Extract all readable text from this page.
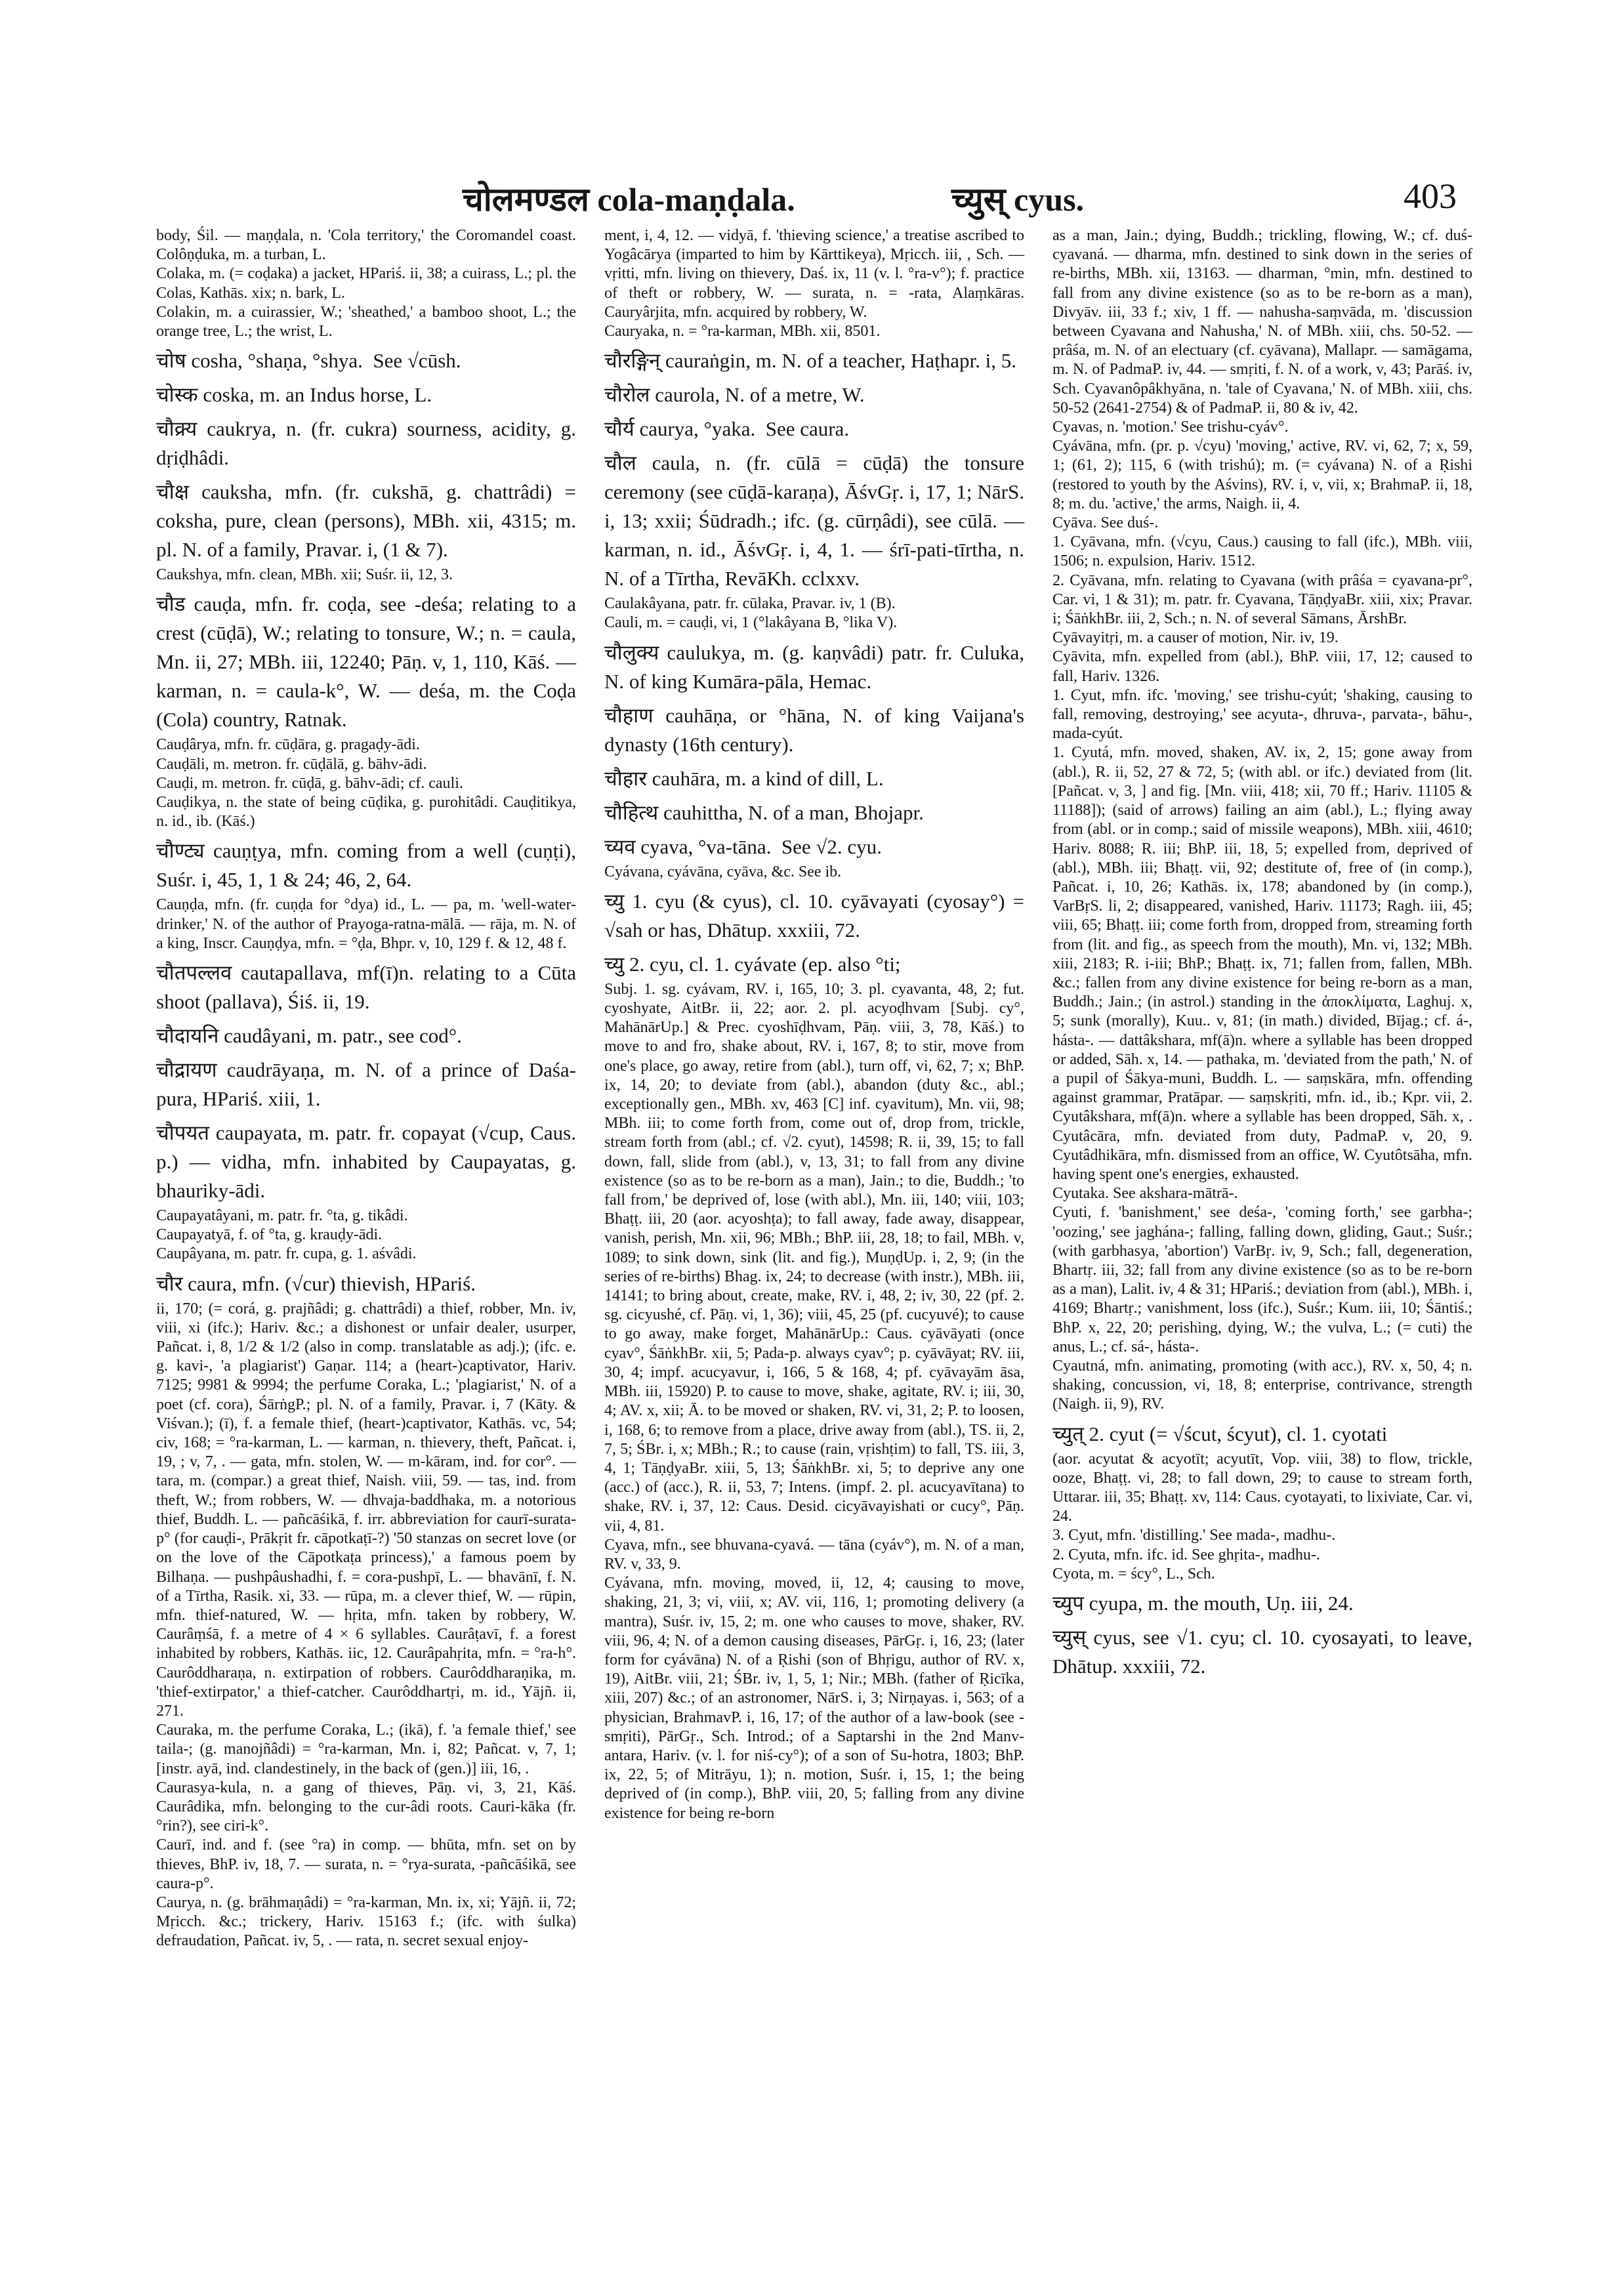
चोलमण्डल cola-maṇḍala.	च्युस् cyus.	403

body, Śil. — maṇḍala, n. 'Cola territory,' the Coromandel coast. Colôṇḍuka, m. a turban, L.

Colaka, m. (= coḍaka) a jacket, HPariś. ii, 38; a cuirass, L.; pl. the Colas, Kathās. xix; n. bark, L.

Colakin, m. a cuirassier, W.; 'sheathed,' a bamboo shoot, L.; the orange tree, L.; the wrist, L.

चोष cosha, °shaṇa, °shya.  See √cūsh.

चोस्क coska, m. an Indus horse, L.

चौक्र्य caukrya, n. (fr. cukra) sourness, acidity, g. dṛiḍhâdi.

चौक्ष cauksha, mfn. (fr. cukshā, g. chattrâdi) = coksha, pure, clean (persons), MBh. xii, 4315; m. pl. N. of a family, Pravar. i, (1 & 7).

Caukshya, mfn. clean, MBh. xii; Suśr. ii, 12, 3.

चौड cauḍa, mfn. fr. coḍa, see -deśa; relating to a crest (cūḍā), W.; relating to tonsure, W.; n. = caula, Mn. ii, 27; MBh. iii, 12240; Pāṇ. v, 1, 110, Kāś. — karman, n. = caula-k°, W. — deśa, m. the Coḍa (Cola) country, Ratnak.

Cauḍârya, mfn. fr. cūḍāra, g. pragaḍy-ādi.

Cauḍāli, m. metron. fr. cūḍālā, g. bāhv-ādi.

Cauḍi, m. metron. fr. cūḍā, g. bāhv-ādi; cf. cauli.

Cauḍikya, n. the state of being cūḍika, g. purohitâdi. Cauḍitikya, n. id., ib. (Kāś.)

चौण्ट्य cauṇṭya, mfn. coming from a well (cuṇṭi), Suśr. i, 45, 1, 1 & 24; 46, 2, 64.

Cauṇḍa, mfn. (fr. cuṇḍa for °dya) id., L. — pa, m. 'well-water-drinker,' N. of the author of Prayoga-ratna-mālā. — rāja, m. N. of a king, Inscr. Cauṇḍya, mfn. = °ḍa, Bhpr. v, 10, 129 f. & 12, 48 f.

चौतपल्लव cautapallava, mf(ī)n. relating to a Cūta shoot (pallava), Śiś. ii, 19.

चौदायनि caudâyani, m. patr., see cod°.

चौद्रायण caudrāyaṇa, m. N. of a prince of Daśa-pura, HPariś. xiii, 1.

चौपयत caupayata, m. patr. fr. copayat (√cup, Caus. p.) — vidha, mfn. inhabited by Caupayatas, g. bhauriky-ādi.

Caupayatâyani, m. patr. fr. °ta, g. tikâdi.

Caupayatyā, f. of °ta, g. krauḍy-ādi.

Caupâyana, m. patr. fr. cupa, g. 1. aśvâdi.

चौर caura, mfn. (√cur) thievish, HPariś.

ii, 170; (= corá, g. prajñâdi; g. chattrâdi) a thief, robber, Mn. iv, viii, xi (ifc.); Hariv. &c.; a dishonest or unfair dealer, usurper, Pañcat. i, 8, 1/2 & 1/2 (also in comp. translatable as adj.); (ifc. e. g. kavi-, 'a plagiarist') Gaṇar. 114; a (heart-)captivator, Hariv. 7125; 9981 & 9994; the perfume Coraka, L.; 'plagiarist,' N. of a poet (cf. cora), ŚārṅgP.; pl. N. of a family, Pravar. i, 7 (Kāty. & Viśvan.); (ī), f. a female thief, (heart-)captivator, Kathās. vc, 54; civ, 168; = °ra-karman, L. — karman, n. thievery, theft, Pañcat. i, 19, ; v, 7, . — gata, mfn. stolen, W. — m-kāram, ind. for cor°. — tara, m. (compar.) a great thief, Naish. viii, 59. — tas, ind. from theft, W.; from robbers, W. — dhvaja-baddhaka, m. a notorious thief, Buddh. L. — pañcāśikā, f. irr. abbreviation for caurī-surata-p° (for cauḍi-, Prākṛit fr. cāpotkaṭī-?) '50 stanzas on secret love (or on the love of the Cāpotkaṭa princess),' a famous poem by Bilhaṇa. — pushpâushadhi, f. = cora-pushpī, L. — bhavānī, f. N. of a Tīrtha, Rasik. xi, 33. — rūpa, m. a clever thief, W. — rūpin, mfn. thief-natured, W. — hṛita, mfn. taken by robbery, W. Caurâṃśā, f. a metre of 4 × 6 syllables. Caurâṭavī, f. a forest inhabited by robbers, Kathās. iic, 12. Caurâpahṛita, mfn. = °ra-h°. Caurôddharaṇa, n. extirpation of robbers. Caurôddharaṇika, m. 'thief-extirpator,' a thief-catcher. Caurôddhartṛi, m. id., Yājñ. ii, 271.

Cauraka, m. the perfume Coraka, L.; (ikā), f. 'a female thief,' see taila-; (g. manojñâdi) = °ra-karman, Mn. i, 82; Pañcat. v, 7, 1; [instr. ayā, ind. clandestinely, in the back of (gen.)] iii, 16, .

Caurasya-kula, n. a gang of thieves, Pāṇ. vi, 3, 21, Kāś. Caurâdika, mfn. belonging to the cur-âdi roots. Cauri-kāka (fr. °rin?), see ciri-k°.

Caurī, ind. and f. (see °ra) in comp. — bhūta, mfn. set on by thieves, BhP. iv, 18, 7. — surata, n. = °rya-surata, -pañcāśikā, see caura-p°.

Caurya, n. (g. brāhmaṇâdi) = °ra-karman, Mn. ix, xi; Yājñ. ii, 72; Mṛicch. &c.; trickery, Hariv. 15163 f.; (ifc. with śulka) defraudation, Pañcat. iv, 5, . — rata, n. secret sexual enjoy-

ment, i, 4, 12. — vidyā, f. 'thieving science,' a treatise ascribed to Yogâcārya (imparted to him by Kārttikeya), Mṛicch. iii, , Sch. — vṛitti, mfn. living on thievery, Daś. ix, 11 (v. l. °ra-v°); f. practice of theft or robbery, W. — surata, n. = -rata, Alaṃkāras. Cauryârjita, mfn. acquired by robbery, W.

Cauryaka, n. = °ra-karman, MBh. xii, 8501.

चौरङ्गिन् cauraṅgin, m. N. of a teacher, Haṭhapr. i, 5.

चौरोल caurola, N. of a metre, W.

चौर्य caurya, °yaka.  See caura.

चौल caula, n. (fr. cūlā = cūḍā) the tonsure ceremony (see cūḍā-karaṇa), ĀśvGṛ. i, 17, 1; NārS. i, 13; xxii; Śūdradh.; ifc. (g. cūrṇâdi), see cūlā. — karman, n. id., ĀśvGṛ. i, 4, 1. — śrī-pati-tīrtha, n. N. of a Tīrtha, RevāKh. cclxxv.

Caulakâyana, patr. fr. cūlaka, Pravar. iv, 1 (B).

Cauli, m. = cauḍi, vi, 1 (°lakâyana B, °lika V).

चौलुक्य caulukya, m. (g. kaṇvâdi) patr. fr. Culuka, N. of king Kumāra-pāla, Hemac.

चौहाण cauhāṇa, or °hāna, N. of king Vaijana's dynasty (16th century).

चौहार cauhāra, m. a kind of dill, L.

चौहित्थ cauhittha, N. of a man, Bhojapr.

च्यव cyava, °va-tāna.  See √2. cyu.

Cyávana, cyávāna, cyāva, &c. See ib.

च्यु 1. cyu (& cyus), cl. 10. cyāvayati (cyosay°) = √sah or has, Dhātup. xxxiii, 72.

च्यु 2. cyu, cl. 1. cyávate (ep. also °ti;

Subj. 1. sg. cyávam, RV. i, 165, 10; 3. pl. cyavanta, 48, 2; fut. cyoshyate, AitBr. ii, 22; aor. 2. pl. acyoḍhvam [Subj. cy°, MahānārUp.] & Prec. cyoshīḍhvam, Pāṇ. viii, 3, 78, Kāś.) to move to and fro, shake about, RV. i, 167, 8; to stir, move from one's place, go away, retire from (abl.), turn off, vi, 62, 7; x; BhP. ix, 14, 20; to deviate from (abl.), abandon (duty &c., abl.; exceptionally gen., MBh. xv, 463 [C] inf. cyavitum), Mn. vii, 98; MBh. iii; to come forth from, come out of, drop from, trickle, stream forth from (abl.; cf. √2. cyut), 14598; R. ii, 39, 15; to fall down, fall, slide from (abl.), v, 13, 31; to fall from any divine existence (so as to be re-born as a man), Jain.; to die, Buddh.; 'to fall from,' be deprived of, lose (with abl.), Mn. iii, 140; viii, 103; Bhaṭṭ. iii, 20 (aor. acyoshṭa); to fall away, fade away, disappear, vanish, perish, Mn. xii, 96; MBh.; BhP. iii, 28, 18; to fail, MBh. v, 1089; to sink down, sink (lit. and fig.), MuṇḍUp. i, 2, 9; (in the series of re-births) Bhag. ix, 24; to decrease (with instr.), MBh. iii, 14141; to bring about, create, make, RV. i, 48, 2; iv, 30, 22 (pf. 2. sg. cicyushé, cf. Pāṇ. vi, 1, 36); viii, 45, 25 (pf. cucyuvé); to cause to go away, make forget, MahānārUp.: Caus. cyāvāyati (once cyav°, ŚāṅkhBr. xii, 5; Pada-p. always cyav°; p. cyāvāyat; RV. iii, 30, 4; impf. acucyavur, i, 166, 5 & 168, 4; pf. cyāvayām āsa, MBh. iii, 15920) P. to cause to move, shake, agitate, RV. i; iii, 30, 4; AV. x, xii; Ā. to be moved or shaken, RV. vi, 31, 2; P. to loosen, i, 168, 6; to remove from a place, drive away from (abl.), TS. ii, 2, 7, 5; ŚBr. i, x; MBh.; R.; to cause (rain, vṛishṭim) to fall, TS. iii, 3, 4, 1; TāṇḍyaBr. xiii, 5, 13; ŚāṅkhBr. xi, 5; to deprive any one (acc.) of (acc.), R. ii, 53, 7; Intens. (impf. 2. pl. acucyavītana) to shake, RV. i, 37, 12: Caus. Desid. cicyāvayishati or cucy°, Pāṇ. vii, 4, 81.

Cyava, mfn., see bhuvana-cyavá. — tāna (cyáv°), m. N. of a man, RV. v, 33, 9.

Cyávana, mfn. moving, moved, ii, 12, 4; causing to move, shaking, 21, 3; vi, viii, x; AV. vii, 116, 1; promoting delivery (a mantra), Suśr. iv, 15, 2; m. one who causes to move, shaker, RV. viii, 96, 4; N. of a demon causing diseases, PārGṛ. i, 16, 23; (later form for cyávāna) N. of a Ṛishi (son of Bhṛigu, author of RV. x, 19), AitBr. viii, 21; ŚBr. iv, 1, 5, 1; Nir.; MBh. (father of Ṛicīka, xiii, 207) &c.; of an astronomer, NārS. i, 3; Nirṇayas. i, 563; of a physician, BrahmavP. i, 16, 17; of the author of a law-book (see -smṛiti), PārGṛ., Sch. Introd.; of a Saptarshi in the 2nd Manv-antara, Hariv. (v. l. for niś-cy°); of a son of Su-hotra, 1803; BhP. ix, 22, 5; of Mitrāyu, 1); n. motion, Suśr. i, 15, 1; the being deprived of (in comp.), BhP. viii, 20, 5; falling from any divine existence for being re-born

as a man, Jain.; dying, Buddh.; trickling, flowing, W.; cf. duś-cyavaná. — dharma, mfn. destined to sink down in the series of re-births, MBh. xii, 13163. — dharman, °min, mfn. destined to fall from any divine existence (so as to be re-born as a man), Divyāv. iii, 33 f.; xiv, 1 ff. — nahusha-saṃvāda, m. 'discussion between Cyavana and Nahusha,' N. of MBh. xiii, chs. 50-52. — prâśa, m. N. of an electuary (cf. cyāvana), Mallapr. — samāgama, m. N. of PadmaP. iv, 44. — smṛiti, f. N. of a work, v, 43; Parāś. iv, Sch. Cyavanôpâkhyāna, n. 'tale of Cyavana,' N. of MBh. xiii, chs. 50-52 (2641-2754) & of PadmaP. ii, 80 & iv, 42.

Cyavas, n. 'motion.' See trishu-cyáv°.

Cyávāna, mfn. (pr. p. √cyu) 'moving,' active, RV. vi, 62, 7; x, 59, 1; (61, 2); 115, 6 (with trishú); m. (= cyávana) N. of a Ṛishi (restored to youth by the Aśvins), RV. i, v, vii, x; BrahmaP. ii, 18, 8; m. du. 'active,' the arms, Naigh. ii, 4.

Cyāva. See duś-.

1. Cyāvana, mfn. (√cyu, Caus.) causing to fall (ifc.), MBh. viii, 1506; n. expulsion, Hariv. 1512.

2. Cyāvana, mfn. relating to Cyavana (with prâśa = cyavana-pr°, Car. vi, 1 & 31); m. patr. fr. Cyavana, TāṇḍyaBr. xiii, xix; Pravar. i; ŚāṅkhBr. iii, 2, Sch.; n. N. of several Sāmans, ĀrshBr.

Cyāvayitṛi, m. a causer of motion, Nir. iv, 19.

Cyāvita, mfn. expelled from (abl.), BhP. viii, 17, 12; caused to fall, Hariv. 1326.

1. Cyut, mfn. ifc. 'moving,' see trishu-cyút; 'shaking, causing to fall, removing, destroying,' see acyuta-, dhruva-, parvata-, bāhu-, mada-cyút.

1. Cyutá, mfn. moved, shaken, AV. ix, 2, 15; gone away from (abl.), R. ii, 52, 27 & 72, 5; (with abl. or ifc.) deviated from (lit. [Pañcat. v, 3, ] and fig. [Mn. viii, 418; xii, 70 ff.; Hariv. 11105 & 11188]); (said of arrows) failing an aim (abl.), L.; flying away from (abl. or in comp.; said of missile weapons), MBh. xiii, 4610; Hariv. 8088; R. iii; BhP. iii, 18, 5; expelled from, deprived of (abl.), MBh. iii; Bhaṭṭ. vii, 92; destitute of, free of (in comp.), Pañcat. i, 10, 26; Kathās. ix, 178; abandoned by (in comp.), VarBṛS. li, 2; disappeared, vanished, Hariv. 11173; Ragh. iii, 45; viii, 65; Bhaṭṭ. iii; come forth from, dropped from, streaming forth from (lit. and fig., as speech from the mouth), Mn. vi, 132; MBh. xiii, 2183; R. i-iii; BhP.; Bhaṭṭ. ix, 71; fallen from, fallen, MBh. &c.; fallen from any divine existence for being re-born as a man, Buddh.; Jain.; (in astrol.) standing in the ἀποκλίματα, Laghuj. x, 5; sunk (morally), Kuu.. v, 81; (in math.) divided, Bījag.; cf. á-, hásta-. — dattâkshara, mf(ā)n. where a syllable has been dropped or added, Sāh. x, 14. — pathaka, m. 'deviated from the path,' N. of a pupil of Śākya-muni, Buddh. L. — saṃskāra, mfn. offending against grammar, Pratāpar. — saṃskṛiti, mfn. id., ib.; Kpr. vii, 2. Cyutâkshara, mf(ā)n. where a syllable has been dropped, Sāh. x, . Cyutâcāra, mfn. deviated from duty, PadmaP. v, 20, 9. Cyutâdhikāra, mfn. dismissed from an office, W. Cyutôtsāha, mfn. having spent one's energies, exhausted.

Cyutaka. See akshara-mātrā-.

Cyuti, f. 'banishment,' see deśa-, 'coming forth,' see garbha-; 'oozing,' see jaghána-; falling, falling down, gliding, Gaut.; Suśr.; (with garbhasya, 'abortion') VarBṛ. iv, 9, Sch.; fall, degeneration, Bhartṛ. iii, 32; fall from any divine existence (so as to be re-born as a man), Lalit. iv, 4 & 31; HPariś.; deviation from (abl.), MBh. i, 4169; Bhartṛ.; vanishment, loss (ifc.), Suśr.; Kum. iii, 10; Śāntiś.; BhP. x, 22, 20; perishing, dying, W.; the vulva, L.; (= cuti) the anus, L.; cf. sá-, hásta-.

Cyautná, mfn. animating, promoting (with acc.), RV. x, 50, 4; n. shaking, concussion, vi, 18, 8; enterprise, contrivance, strength (Naigh. ii, 9), RV.

च्युत् 2. cyut (= √ścut, ścyut), cl. 1. cyotati

(aor. acyutat & acyotīt; acyutīt, Vop. viii, 38) to flow, trickle, ooze, Bhaṭṭ. vi, 28; to fall down, 29; to cause to stream forth, Uttarar. iii, 35; Bhaṭṭ. xv, 114: Caus. cyotayati, to lixiviate, Car. vi, 24.

3. Cyut, mfn. 'distilling.' See mada-, madhu-.

2. Cyuta, mfn. ifc. id. See ghṛita-, madhu-.

Cyota, m. = ścy°, L., Sch.

च्युप cyupa, m. the mouth, Uṇ. iii, 24.

च्युस् cyus, see √1. cyu; cl. 10. cyosayati, to leave, Dhātup. xxxiii, 72.
